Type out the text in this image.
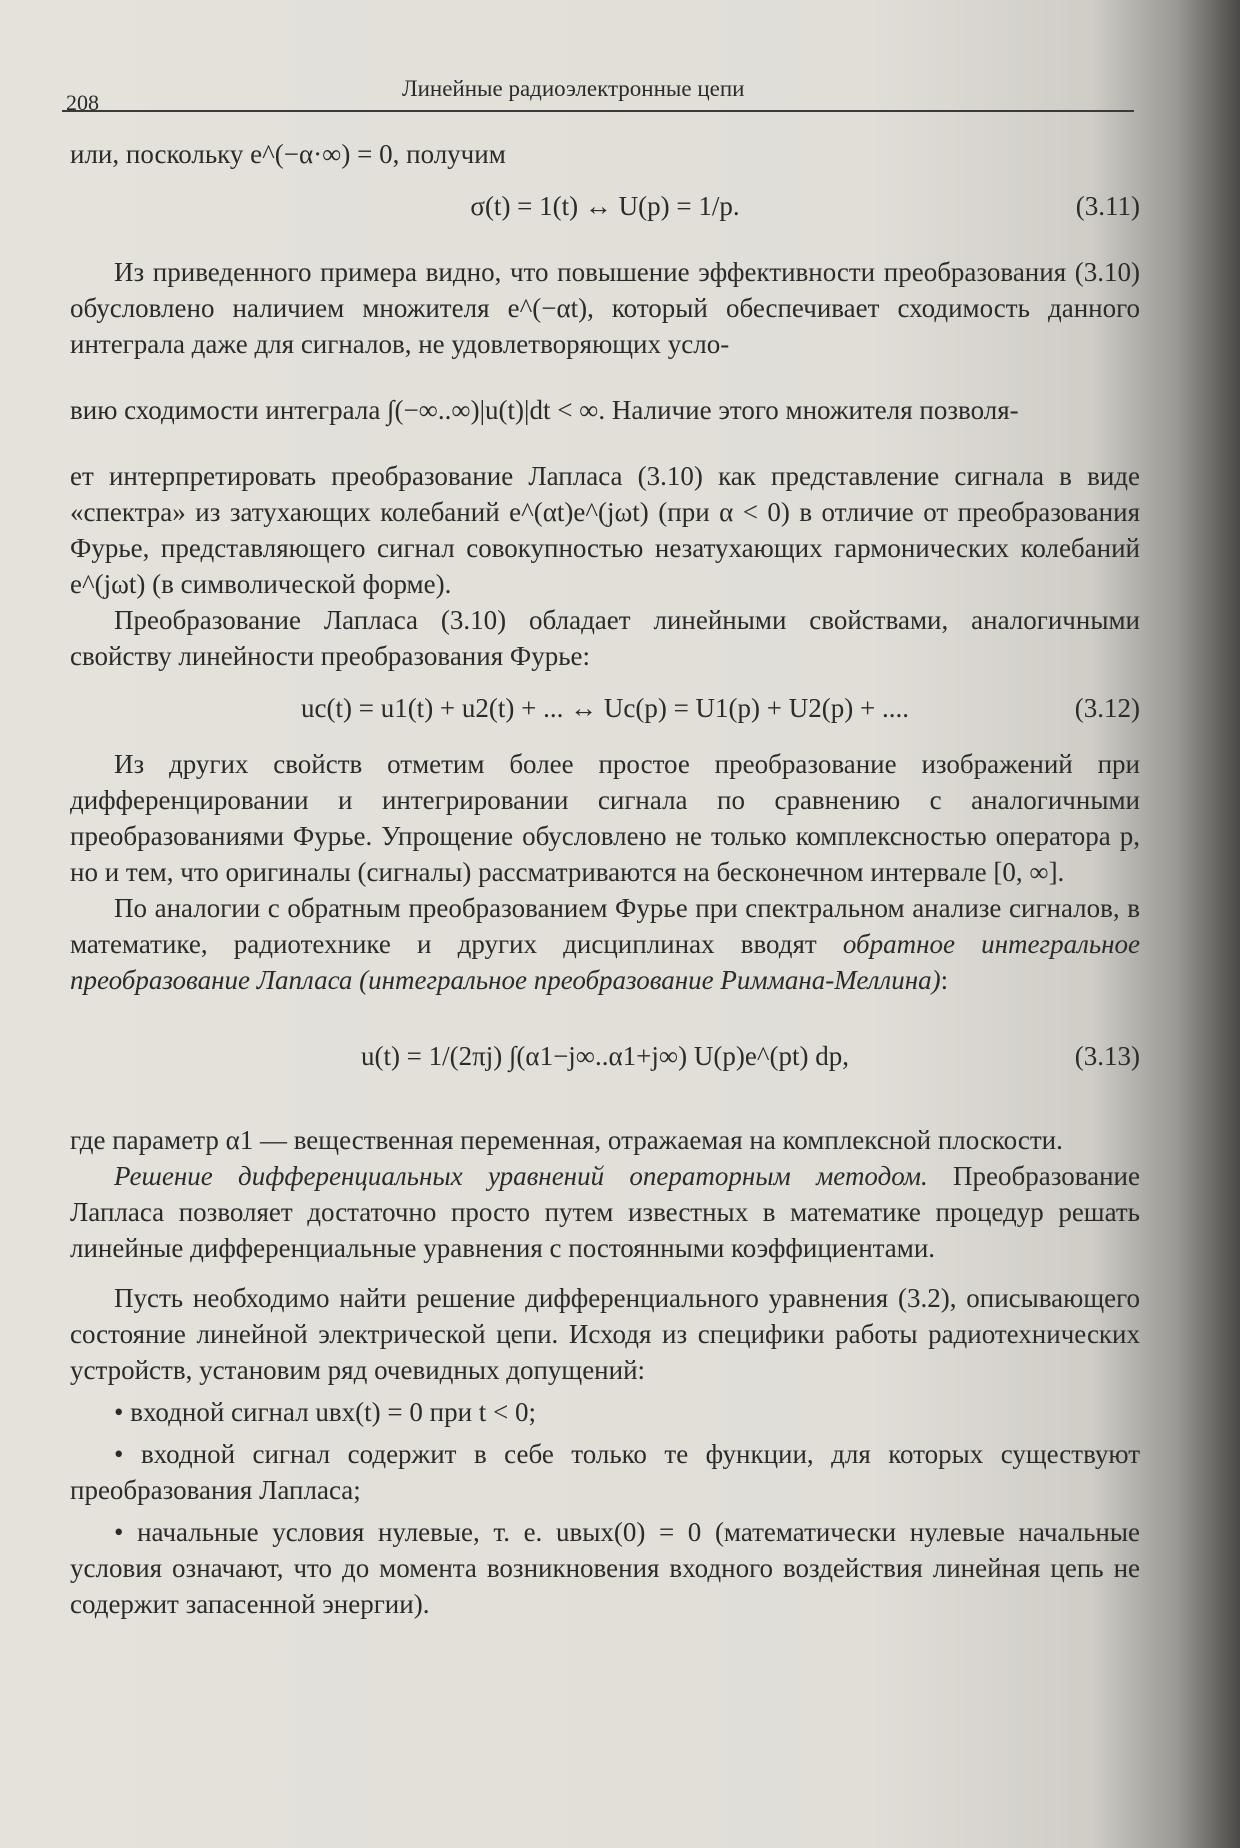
208
Линейные радиоэлектронные цепи

или, поскольку e^(−α·∞) = 0, получим

σ(t) = 1(t) ↔ U(p) = 1/p.	(3.11)

Из приведенного примера видно, что повышение эффективности преобразования (3.10) обусловлено наличием множителя e^(−αt), который обеспечивает сходимость данного интеграла даже для сигналов, не удовлетворяющих усло-

вию сходимости интеграла ∫(−∞..∞)|u(t)|dt < ∞. Наличие этого множителя позволя-

ет интерпретировать преобразование Лапласа (3.10) как представление сигнала в виде «спектра» из затухающих колебаний e^(αt)e^(jωt) (при α < 0) в отличие от преобразования Фурье, представляющего сигнал совокупностью незатухающих гармонических колебаний e^(jωt) (в символической форме).

Преобразование Лапласа (3.10) обладает линейными свойствами, аналогичными свойству линейности преобразования Фурье:

uс(t) = u1(t) + u2(t) + ... ↔ Uс(p) = U1(p) + U2(p) + ....	(3.12)

Из других свойств отметим более простое преобразование изображений при дифференцировании и интегрировании сигнала по сравнению с аналогичными преобразованиями Фурье. Упрощение обусловлено не только комплексностью оператора p, но и тем, что оригиналы (сигналы) рассматриваются на бесконечном интервале [0, ∞].

По аналогии с обратным преобразованием Фурье при спектральном анализе сигналов, в математике, радиотехнике и других дисциплинах вводят обратное интегральное преобразование Лапласа (интегральное преобразование Риммана-Меллина):

u(t) = 1/(2πj) ∫(α1−j∞..α1+j∞) U(p)e^(pt) dp,	(3.13)

где параметр α1 — вещественная переменная, отражаемая на комплексной плоскости.

Решение дифференциальных уравнений операторным методом. Преобразование Лапласа позволяет достаточно просто путем известных в математике процедур решать линейные дифференциальные уравнения с постоянными коэффициентами.

Пусть необходимо найти решение дифференциального уравнения (3.2), описывающего состояние линейной электрической цепи. Исходя из специфики работы радиотехнических устройств, установим ряд очевидных допущений:

• входной сигнал uвх(t) = 0 при t < 0;
• входной сигнал содержит в себе только те функции, для которых существуют преобразования Лапласа;
• начальные условия нулевые, т. е. uвых(0) = 0 (математически нулевые начальные условия означают, что до момента возникновения входного воздействия линейная цепь не содержит запасенной энергии).
